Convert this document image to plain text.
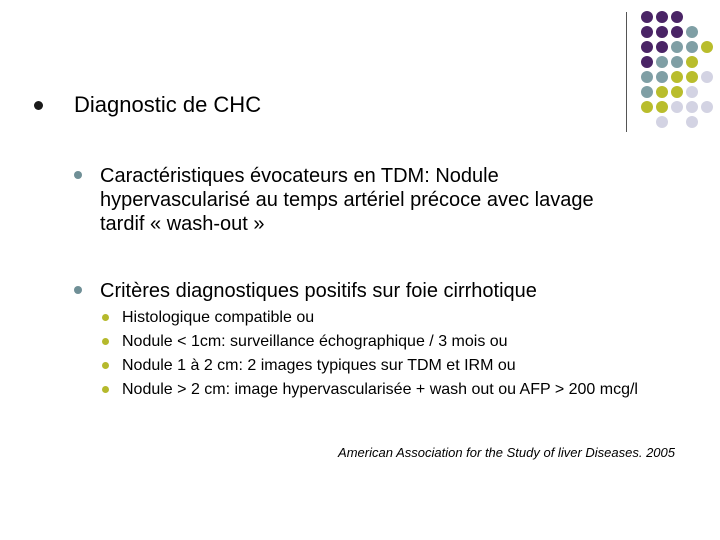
Diagnostic de CHC
Caractéristiques évocateurs en TDM: Nodule hypervascularisé au temps artériel précoce avec lavage tardif « wash-out »
Critères diagnostiques positifs sur foie cirrhotique
Histologique compatible ou
Nodule < 1cm: surveillance échographique / 3 mois ou
Nodule 1 à 2 cm: 2 images typiques sur TDM et IRM ou
Nodule > 2 cm: image hypervascularisée + wash out ou AFP > 200 mcg/l
American Association for the Study of liver Diseases. 2005
